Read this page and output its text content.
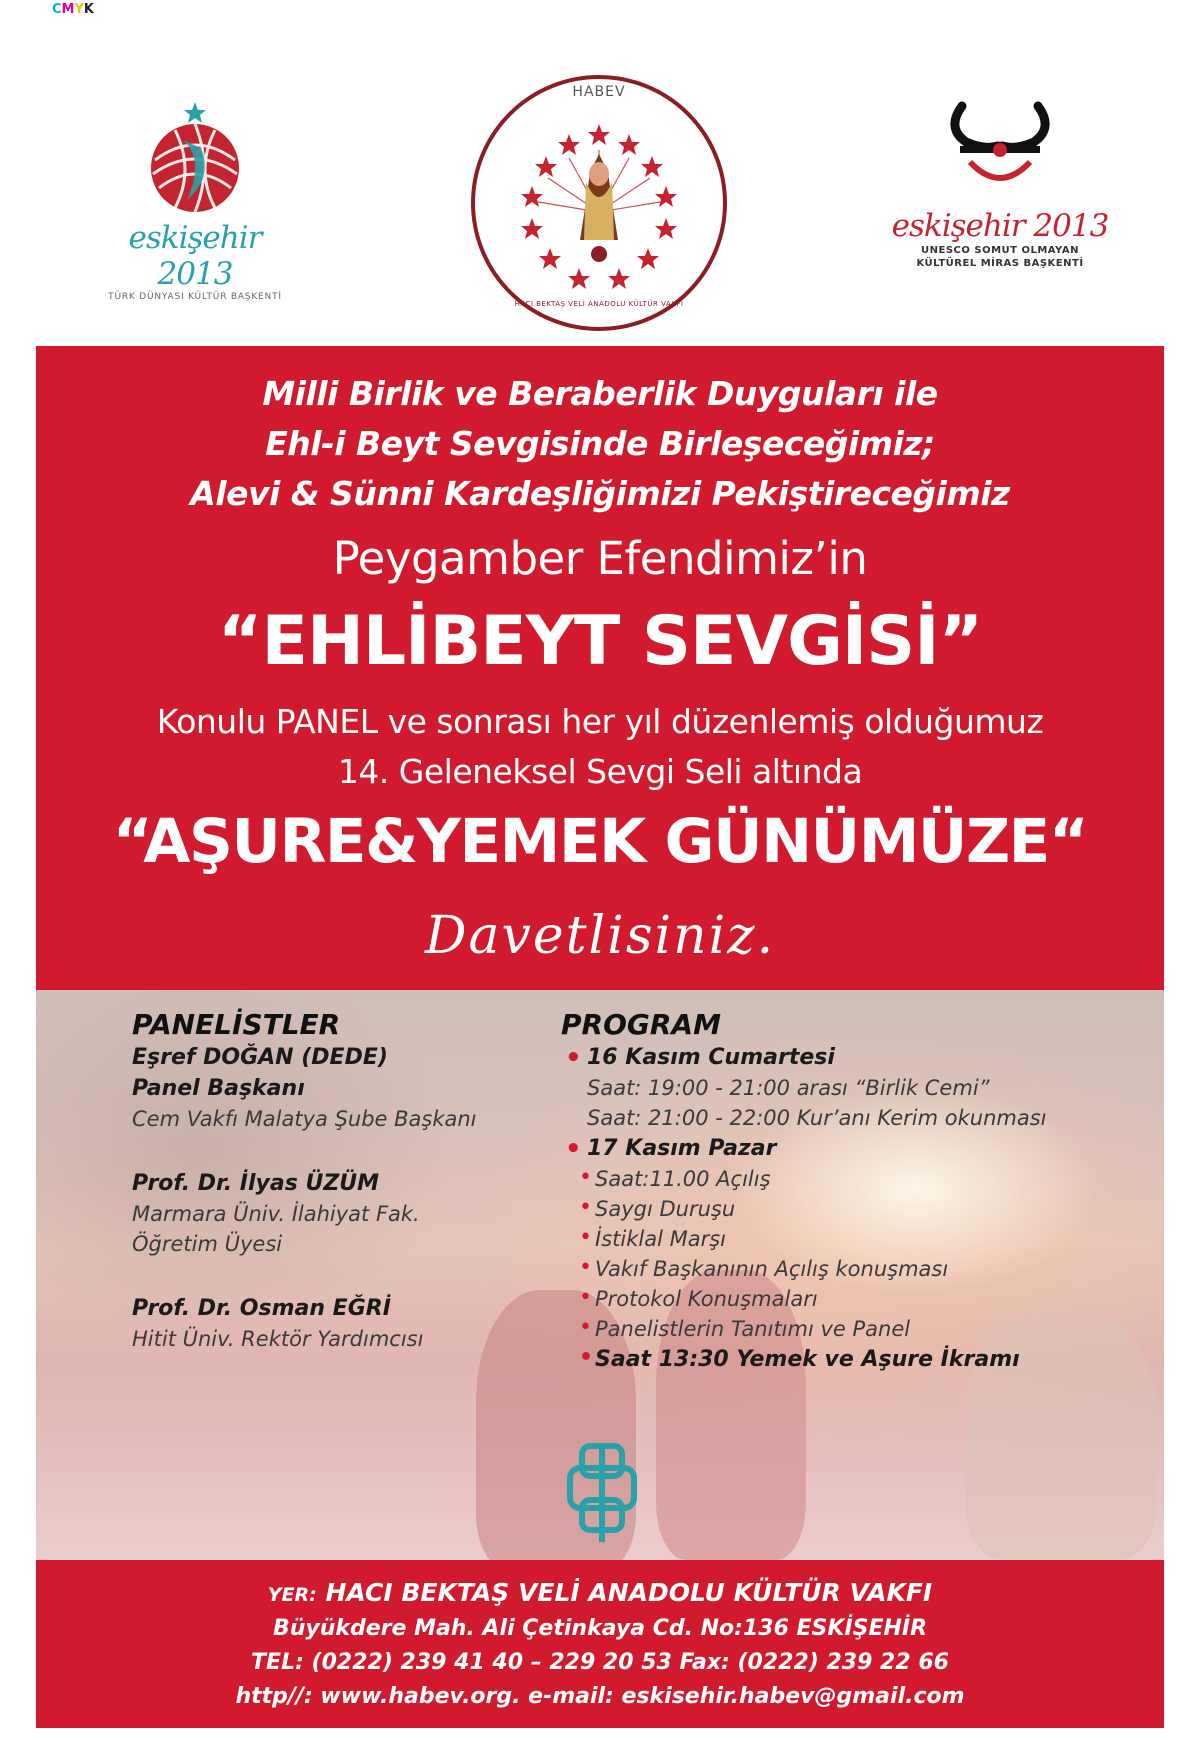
CMYK
eskişehir 2013
TÜRK DÜNYASI KÜLTÜR BAŞKENTİ
HABEV
HACI BEKTAŞ VELİ ANADOLU KÜLTÜR VAKFI
eskişehir 2013
UNESCO SOMUT OLMAYAN
KÜLTÜREL MİRAS BAŞKENTİ
Milli Birlik ve Beraberlik Duyguları ile
Ehl-i Beyt Sevgisinde Birleşeceğimiz;
Alevi & Sünni Kardeşliğimizi Pekiştireceğimiz
Peygamber Efendimiz’in
“EHLİBEYT SEVGİSİ”
Konulu PANEL ve sonrası her yıl düzenlemiş olduğumuz
14. Geleneksel Sevgi Seli altında
“AŞURE&YEMEK GÜNÜMÜZE“
Davetlisiniz.
PANELİSTLER
Eşref DOĞAN (DEDE)
Panel Başkanı
Cem Vakfı Malatya Şube Başkanı
Prof. Dr. İlyas ÜZÜM
Marmara Üniv. İlahiyat Fak.
Öğretim Üyesi
Prof. Dr. Osman EĞRİ
Hitit Üniv. Rektör Yardımcısı
PROGRAM
• 16 Kasım Cumartesi
Saat: 19:00 - 21:00 arası “Birlik Cemi”
Saat: 21:00 - 22:00 Kur’anı Kerim okunması
• 17 Kasım Pazar
• Saat:11.00 Açılış
• Saygı Duruşu
• İstiklal Marşı
• Vakıf Başkanının Açılış konuşması
• Protokol Konuşmaları
• Panelistlerin Tanıtımı ve Panel
• Saat 13:30 Yemek ve Aşure İkramı
YER: HACI BEKTAŞ VELİ ANADOLU KÜLTÜR VAKFI
Büyükdere Mah. Ali Çetinkaya Cd. No:136 ESKİŞEHİR
TEL: (0222) 239 41 40 – 229 20 53 Fax: (0222) 239 22 66
http//: www.habev.org. e-mail: eskisehir.habev@gmail.com
